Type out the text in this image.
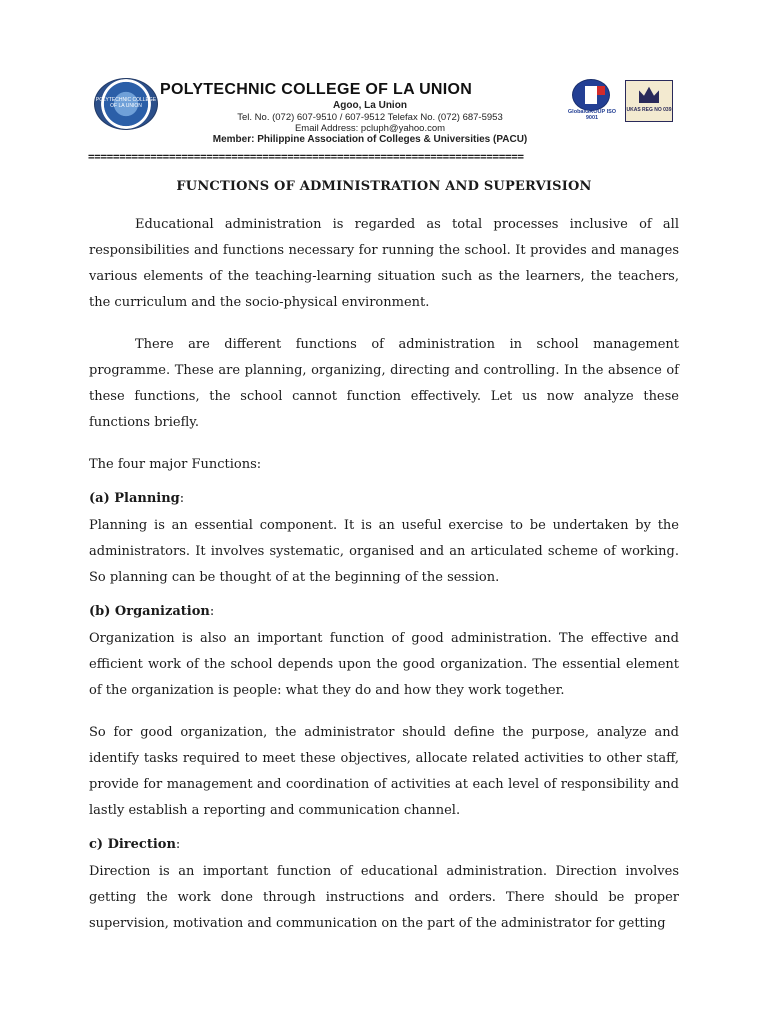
POLYTECHNIC COLLEGE OF LA UNION
POLYTECHNIC COLLEGE OF LA UNION
Agoo, La Union
Tel. No. (072) 607-9510 / 607-9512 Telefax No. (072) 687-5953
Email Address: pcluph@yahoo.com
Member: Philippine Association of Colleges & Universities (PACU)
GlobalGROUP ISO 9001
UKAS REG NO 039
======================================================================
FUNCTIONS OF ADMINISTRATION AND SUPERVISION

Educational administration is regarded as total processes inclusive of all responsibilities and functions necessary for running the school. It provides and manages various elements of the teaching-learning situation such as the learners, the teachers, the curriculum and the socio-physical environment.

There are different functions of administration in school management programme. These are planning, organizing, directing and controlling. In the absence of these functions, the school cannot function effectively. Let us now analyze these functions briefly.

The four major Functions:

(a) Planning:

Planning is an essential component. It is an useful exercise to be undertaken by the administrators. It involves systematic, organised and an articulated scheme of working. So planning can be thought of at the beginning of the session.

(b) Organization:

Organization is also an important function of good administration. The effective and efficient work of the school depends upon the good organization. The essential element of the organization is people: what they do and how they work together.

So for good organization, the administrator should define the purpose, analyze and identify tasks required to meet these objectives, allocate related activities to other staff, provide for management and coordination of activities at each level of responsibility and lastly establish a reporting and communication channel.

c) Direction:

Direction is an important function of educational administration. Direction involves getting the work done through instructions and orders. There should be proper supervision, motivation and communication on the part of the administrator for getting
